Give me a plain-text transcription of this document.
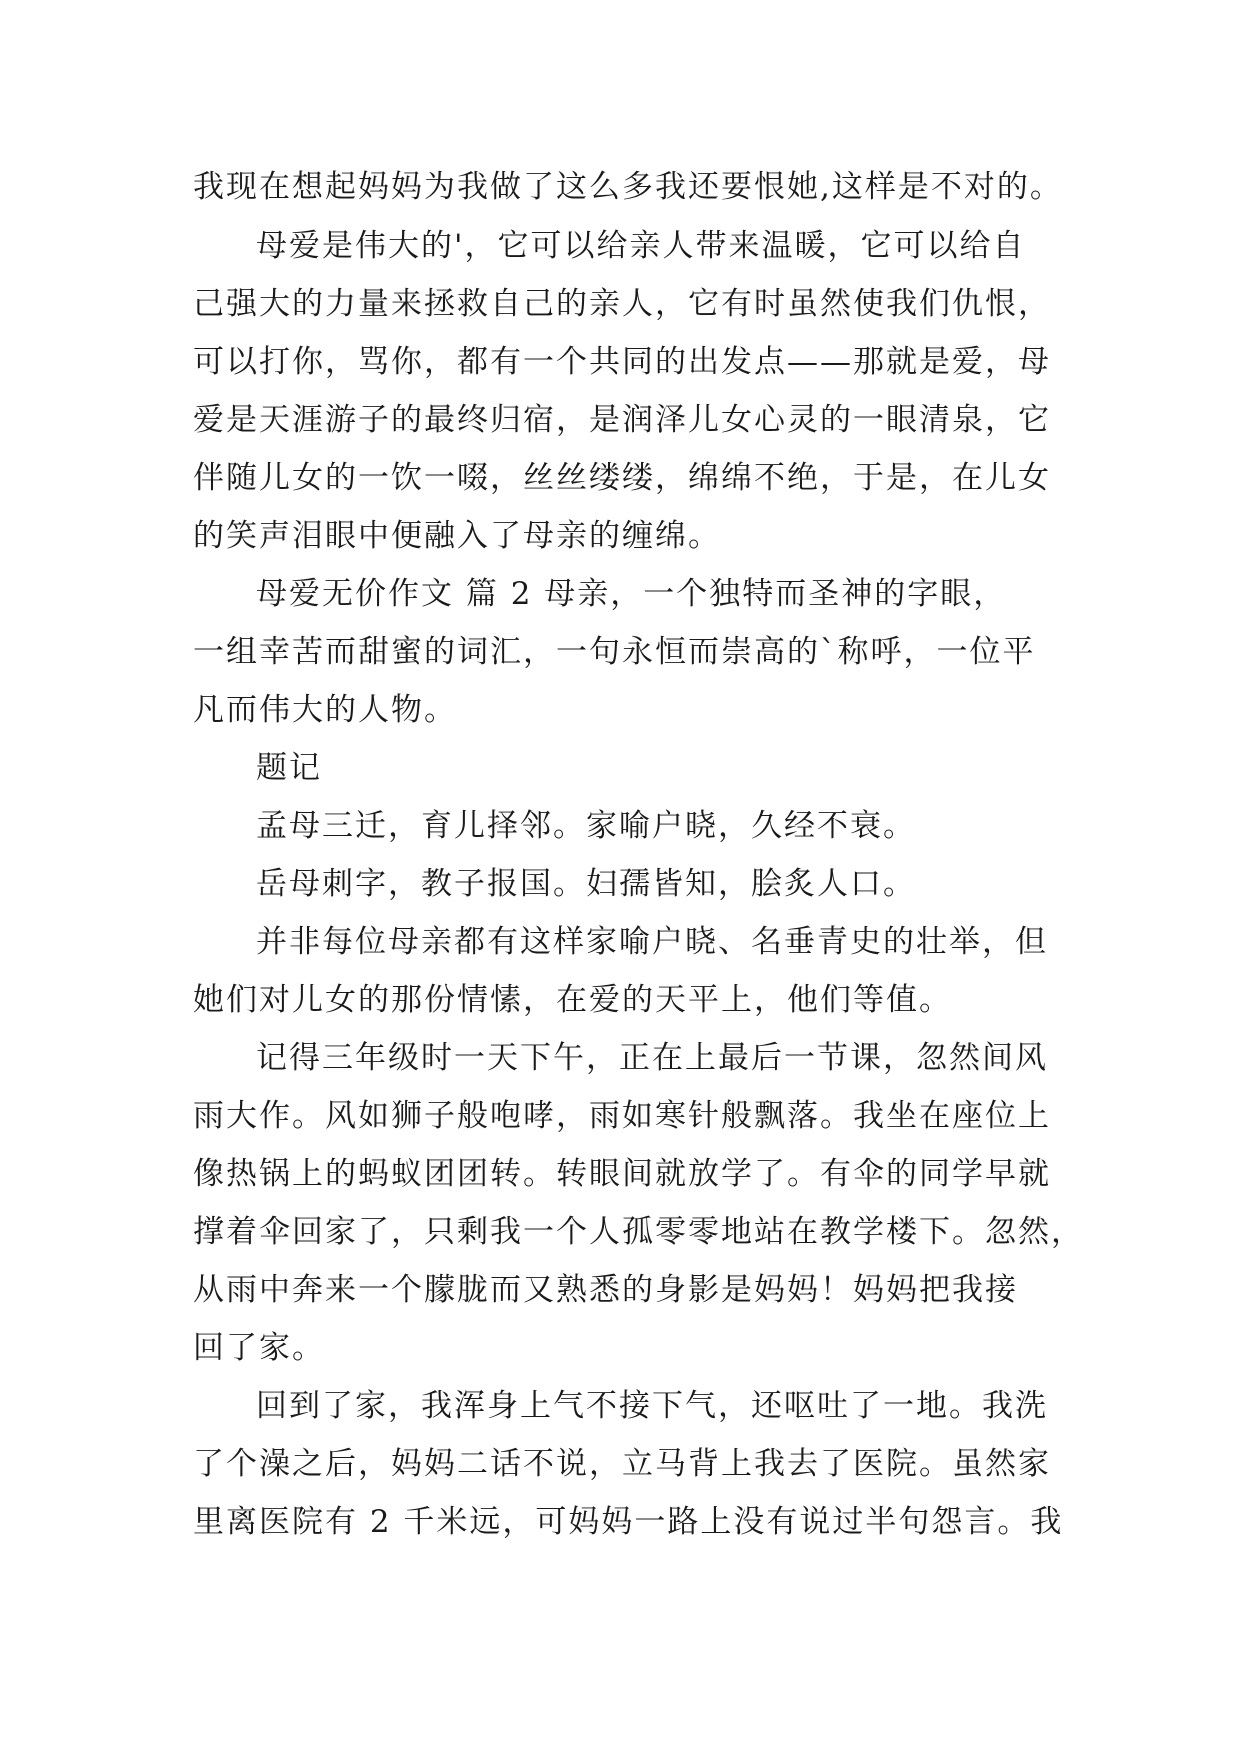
我现在想起妈妈为我做了这么多我还要恨她,这样是不对的。
母爱是伟大的'，它可以给亲人带来温暖，它可以给自
己强大的力量来拯救自己的亲人，它有时虽然使我们仇恨，
可以打你，骂你，都有一个共同的出发点——那就是爱，母
爱是天涯游子的最终归宿，是润泽儿女心灵的一眼清泉，它
伴随儿女的一饮一啜，丝丝缕缕，绵绵不绝，于是，在儿女
的笑声泪眼中便融入了母亲的缠绵。
母爱无价作文 篇 2 母亲，一个独特而圣神的字眼，
一组幸苦而甜蜜的词汇，一句永恒而崇高的`称呼，一位平
凡而伟大的人物。
题记
孟母三迁，育儿择邻。家喻户晓，久经不衰。
岳母刺字，教子报国。妇孺皆知，脍炙人口。
并非每位母亲都有这样家喻户晓、名垂青史的壮举，但
她们对儿女的那份情愫，在爱的天平上，他们等值。
记得三年级时一天下午，正在上最后一节课，忽然间风
雨大作。风如狮子般咆哮，雨如寒针般飘落。我坐在座位上
像热锅上的蚂蚁团团转。转眼间就放学了。有伞的同学早就
撑着伞回家了，只剩我一个人孤零零地站在教学楼下。忽然，
从雨中奔来一个朦胧而又熟悉的身影是妈妈！妈妈把我接
回了家。
回到了家，我浑身上气不接下气，还呕吐了一地。我洗
了个澡之后，妈妈二话不说，立马背上我去了医院。虽然家
里离医院有 2 千米远，可妈妈一路上没有说过半句怨言。我
